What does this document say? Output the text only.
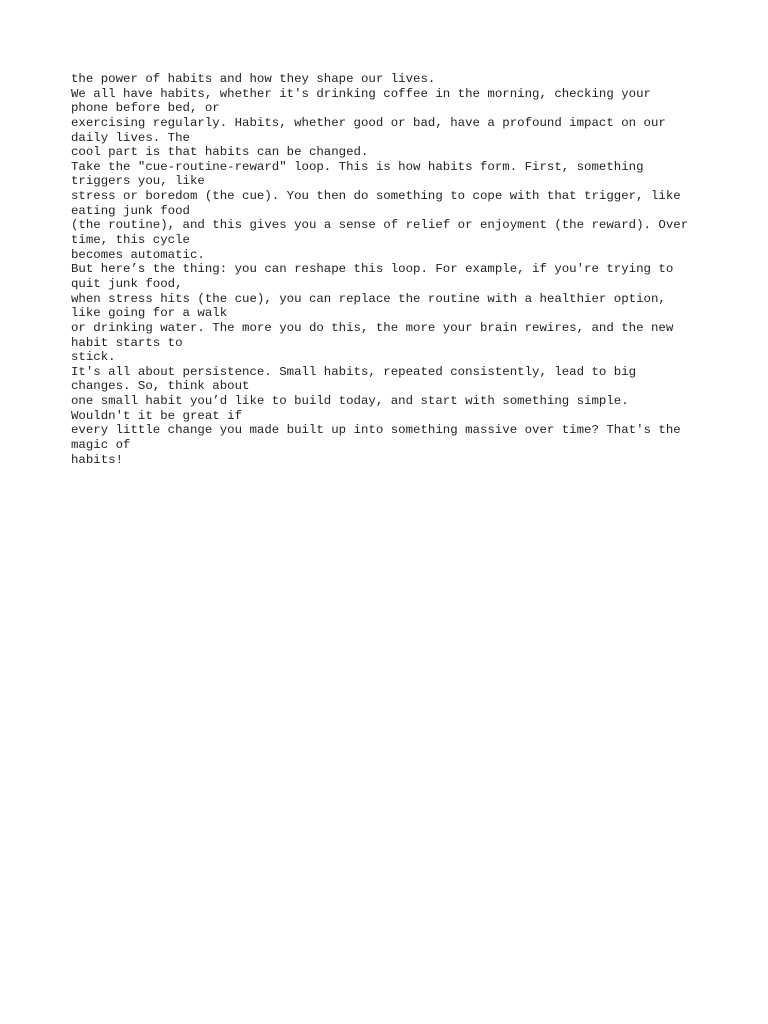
the power of habits and how they shape our lives.
We all have habits, whether it's drinking coffee in the morning, checking your
phone before bed, or
exercising regularly. Habits, whether good or bad, have a profound impact on our
daily lives. The
cool part is that habits can be changed.
Take the "cue-routine-reward" loop. This is how habits form. First, something
triggers you, like
stress or boredom (the cue). You then do something to cope with that trigger, like
eating junk food
(the routine), and this gives you a sense of relief or enjoyment (the reward). Over
time, this cycle
becomes automatic.
But here’s the thing: you can reshape this loop. For example, if you're trying to
quit junk food,
when stress hits (the cue), you can replace the routine with a healthier option,
like going for a walk
or drinking water. The more you do this, the more your brain rewires, and the new
habit starts to
stick.
It's all about persistence. Small habits, repeated consistently, lead to big
changes. So, think about
one small habit you’d like to build today, and start with something simple.
Wouldn't it be great if
every little change you made built up into something massive over time? That's the
magic of
habits!
